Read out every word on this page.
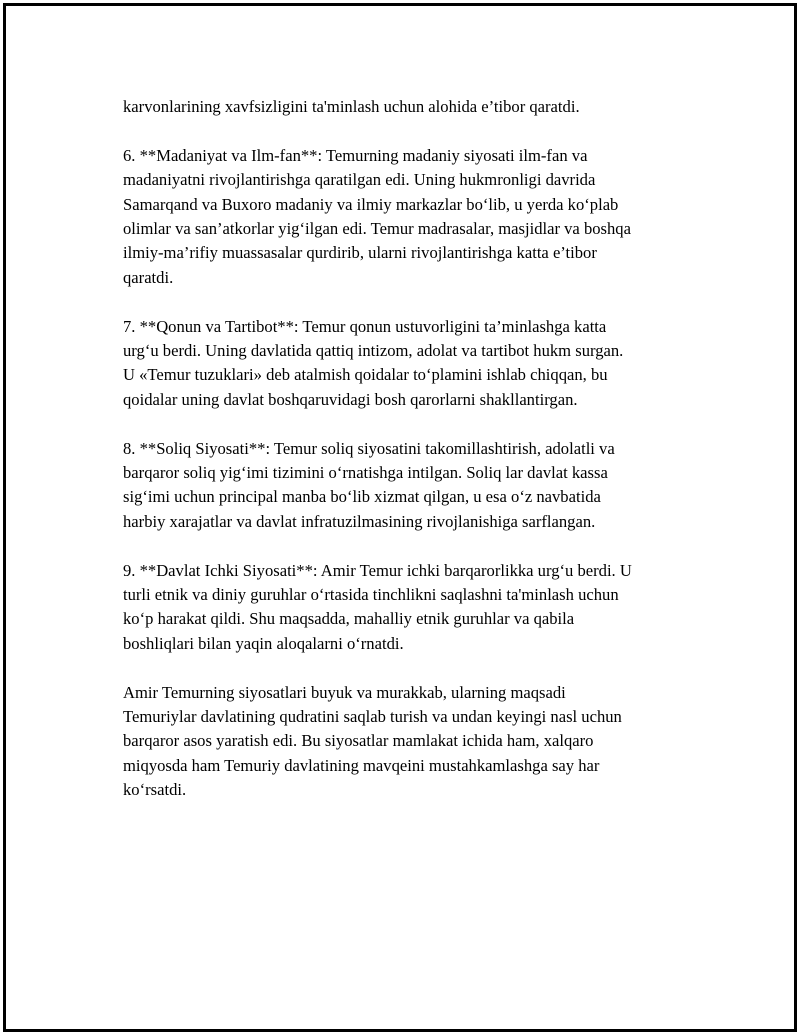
karvonlarining xavfsizligini ta'minlash uchun alohida e’tibor qaratdi.

6. **Madaniyat va Ilm-fan**: Temurning madaniy siyosati ilm-fan va
madaniyatni rivojlantirishga qaratilgan edi. Uning hukmronligi davrida
Samarqand va Buxoro madaniy va ilmiy markazlar bo‘lib, u yerda ko‘plab
olimlar va san’atkorlar yig‘ilgan edi. Temur madrasalar, masjidlar va boshqa
ilmiy-ma’rifiy muassasalar qurdirib, ularni rivojlantirishga katta e’tibor
qaratdi.

7. **Qonun va Tartibot**: Temur qonun ustuvorligini ta’minlashga katta
urg‘u berdi. Uning davlatida qattiq intizom, adolat va tartibot hukm surgan.
U «Temur tuzuklari» deb atalmish qoidalar to‘plamini ishlab chiqqan, bu
qoidalar uning davlat boshqaruvidagi bosh qarorlarni shakllantirgan.

8. **Soliq Siyosati**: Temur soliq siyosatini takomillashtirish, adolatli va
barqaror soliq yig‘imi tizimini o‘rnatishga intilgan. Soliq lar davlat kassa
sig‘imi uchun principal manba bo‘lib xizmat qilgan, u esa o‘z navbatida
harbiy xarajatlar va davlat infratuzilmasining rivojlanishiga sarflangan.

9. **Davlat Ichki Siyosati**: Amir Temur ichki barqarorlikka urg‘u berdi. U
turli etnik va diniy guruhlar o‘rtasida tinchlikni saqlashni ta'minlash uchun
ko‘p harakat qildi. Shu maqsadda, mahalliy etnik guruhlar va qabila
boshliqlari bilan yaqin aloqalarni o‘rnatdi.

Amir Temurning siyosatlari buyuk va murakkab, ularning maqsadi
Temuriylar davlatining qudratini saqlab turish va undan keyingi nasl uchun
barqaror asos yaratish edi. Bu siyosatlar mamlakat ichida ham, xalqaro
miqyosda ham Temuriy davlatining mavqeini mustahkamlashga say har
ko‘rsatdi.
